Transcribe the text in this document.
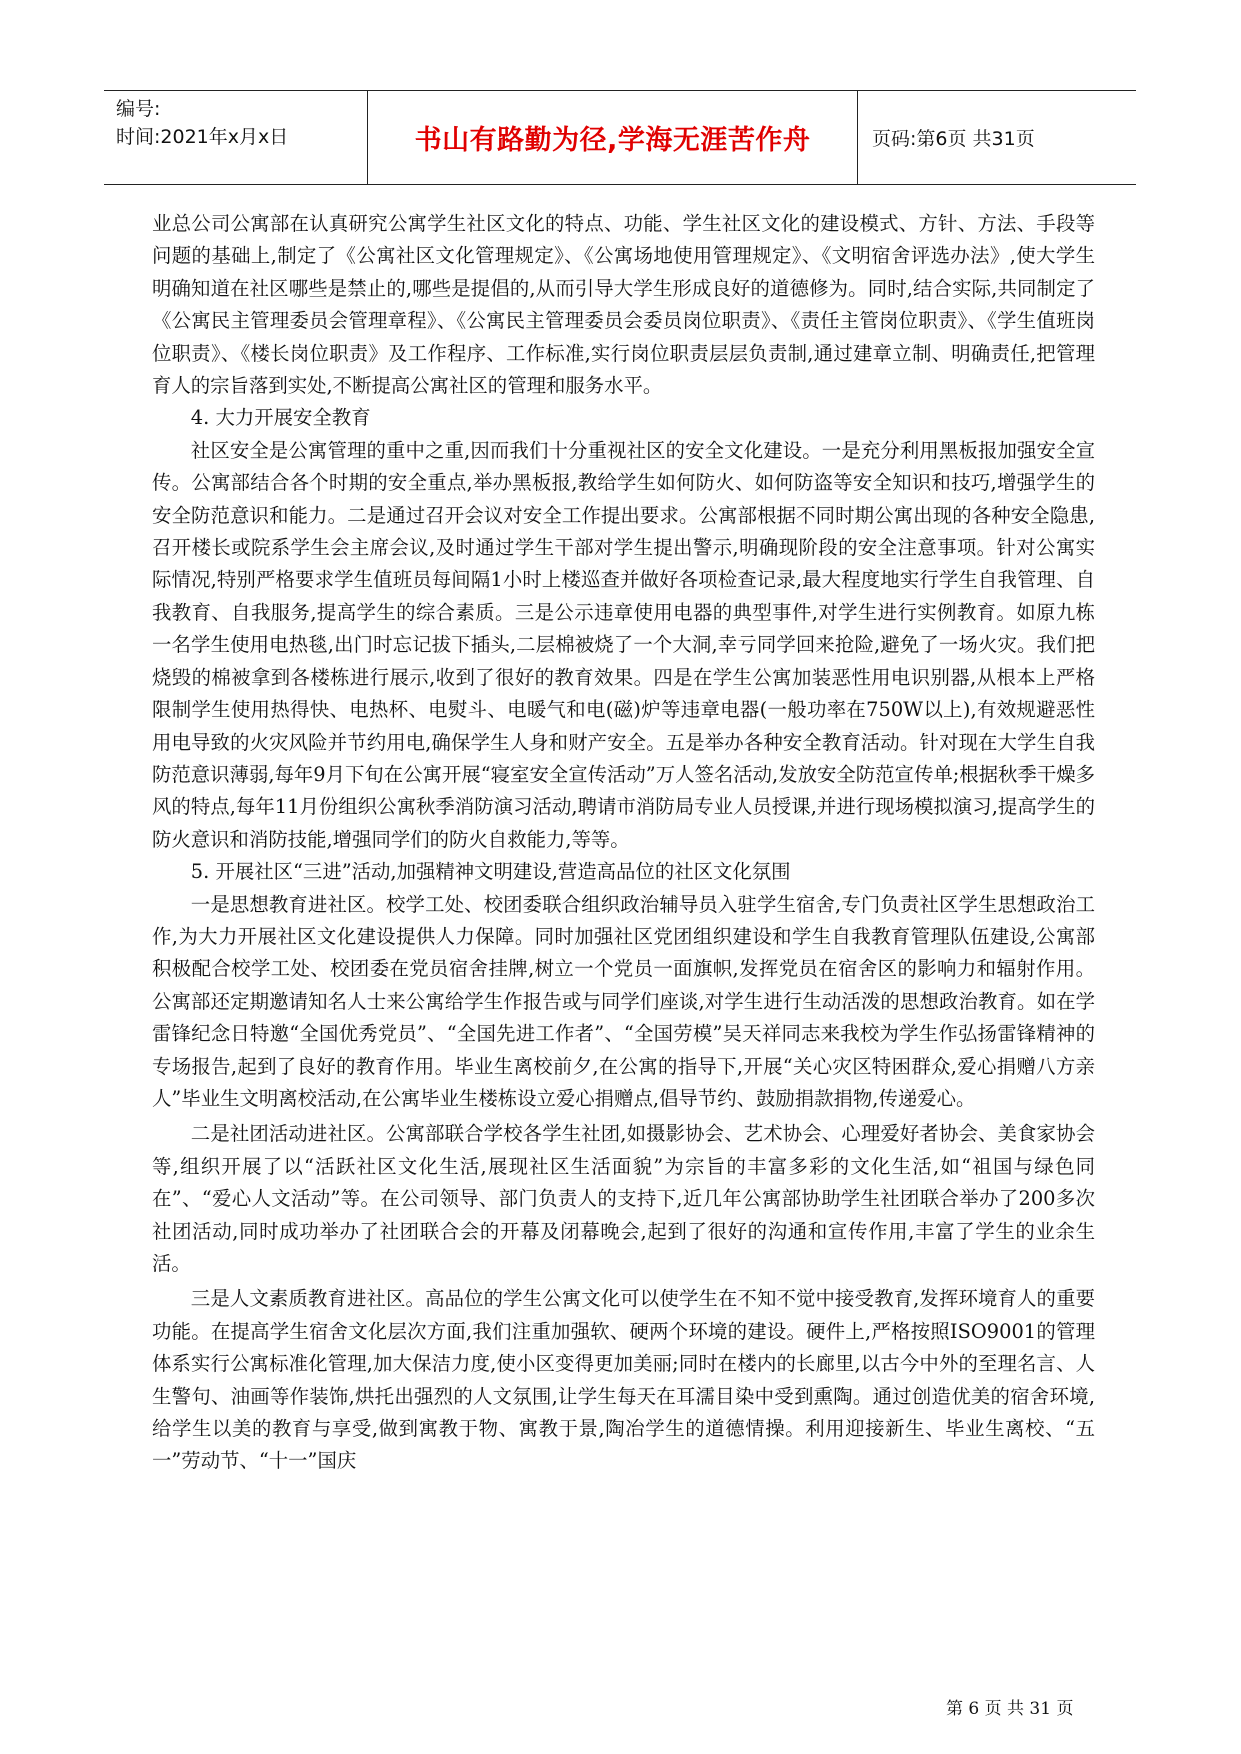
编号:
时间:2021年x月x日	书山有路勤为径,学海无涯苦作舟	页码:第6页 共31页

业总公司公寓部在认真研究公寓学生社区文化的特点、功能、学生社区文化的建设模式、方针、方法、手段等问题的基础上,制定了《公寓社区文化管理规定》、《公寓场地使用管理规定》、《文明宿舍评选办法》,使大学生明确知道在社区哪些是禁止的,哪些是提倡的,从而引导大学生形成良好的道德修为。同时,结合实际,共同制定了《公寓民主管理委员会管理章程》、《公寓民主管理委员会委员岗位职责》、《责任主管岗位职责》、《学生值班岗位职责》、《楼长岗位职责》及工作程序、工作标准,实行岗位职责层层负责制,通过建章立制、明确责任,把管理育人的宗旨落到实处,不断提高公寓社区的管理和服务水平。

4. 大力开展安全教育

社区安全是公寓管理的重中之重,因而我们十分重视社区的安全文化建设。一是充分利用黑板报加强安全宣传。公寓部结合各个时期的安全重点,举办黑板报,教给学生如何防火、如何防盗等安全知识和技巧,增强学生的安全防范意识和能力。二是通过召开会议对安全工作提出要求。公寓部根据不同时期公寓出现的各种安全隐患,召开楼长或院系学生会主席会议,及时通过学生干部对学生提出警示,明确现阶段的安全注意事项。针对公寓实际情况,特别严格要求学生值班员每间隔1小时上楼巡查并做好各项检查记录,最大程度地实行学生自我管理、自我教育、自我服务,提高学生的综合素质。三是公示违章使用电器的典型事件,对学生进行实例教育。如原九栋一名学生使用电热毯,出门时忘记拔下插头,二层棉被烧了一个大洞,幸亏同学回来抢险,避免了一场火灾。我们把烧毁的棉被拿到各楼栋进行展示,收到了很好的教育效果。四是在学生公寓加装恶性用电识别器,从根本上严格限制学生使用热得快、电热杯、电熨斗、电暖气和电(磁)炉等违章电器(一般功率在750W以上),有效规避恶性用电导致的火灾风险并节约用电,确保学生人身和财产安全。五是举办各种安全教育活动。针对现在大学生自我防范意识薄弱,每年9月下旬在公寓开展“寝室安全宣传活动”万人签名活动,发放安全防范宣传单;根据秋季干燥多风的特点,每年11月份组织公寓秋季消防演习活动,聘请市消防局专业人员授课,并进行现场模拟演习,提高学生的防火意识和消防技能,增强同学们的防火自救能力,等等。

5. 开展社区“三进”活动,加强精神文明建设,营造高品位的社区文化氛围

一是思想教育进社区。校学工处、校团委联合组织政治辅导员入驻学生宿舍,专门负责社区学生思想政治工作,为大力开展社区文化建设提供人力保障。同时加强社区党团组织建设和学生自我教育管理队伍建设,公寓部积极配合校学工处、校团委在党员宿舍挂牌,树立一个党员一面旗帜,发挥党员在宿舍区的影响力和辐射作用。公寓部还定期邀请知名人士来公寓给学生作报告或与同学们座谈,对学生进行生动活泼的思想政治教育。如在学雷锋纪念日特邀“全国优秀党员”、“全国先进工作者”、“全国劳模”吴天祥同志来我校为学生作弘扬雷锋精神的专场报告,起到了良好的教育作用。毕业生离校前夕,在公寓的指导下,开展“关心灾区特困群众,爱心捐赠八方亲人”毕业生文明离校活动,在公寓毕业生楼栋设立爱心捐赠点,倡导节约、鼓励捐款捐物,传递爱心。

二是社团活动进社区。公寓部联合学校各学生社团,如摄影协会、艺术协会、心理爱好者协会、美食家协会等,组织开展了以“活跃社区文化生活,展现社区生活面貌”为宗旨的丰富多彩的文化生活,如“祖国与绿色同在”、“爱心人文活动”等。在公司领导、部门负责人的支持下,近几年公寓部协助学生社团联合举办了200多次社团活动,同时成功举办了社团联合会的开幕及闭幕晚会,起到了很好的沟通和宣传作用,丰富了学生的业余生活。

三是人文素质教育进社区。高品位的学生公寓文化可以使学生在不知不觉中接受教育,发挥环境育人的重要功能。在提高学生宿舍文化层次方面,我们注重加强软、硬两个环境的建设。硬件上,严格按照ISO9001的管理体系实行公寓标准化管理,加大保洁力度,使小区变得更加美丽;同时在楼内的长廊里,以古今中外的至理名言、人生警句、油画等作装饰,烘托出强烈的人文氛围,让学生每天在耳濡目染中受到熏陶。通过创造优美的宿舍环境,给学生以美的教育与享受,做到寓教于物、寓教于景,陶冶学生的道德情操。利用迎接新生、毕业生离校、“五一”劳动节、“十一”国庆

第 6 页 共 31 页
